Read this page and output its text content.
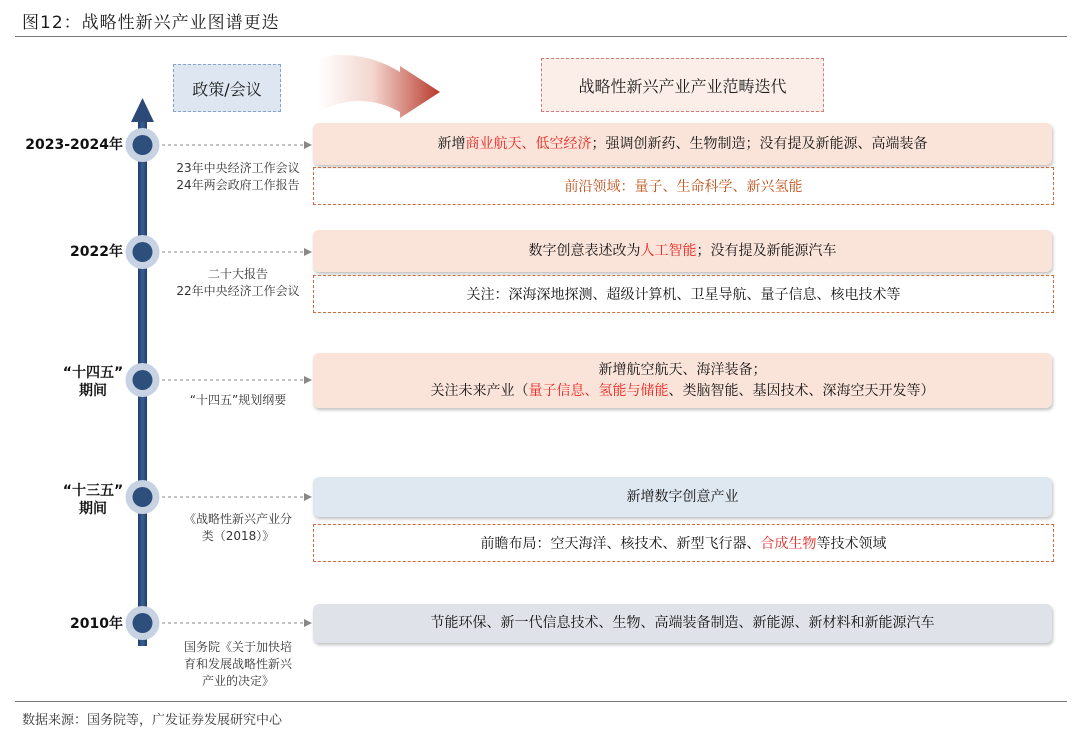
图12：战略性新兴产业图谱更迭
政策/会议	战略性新兴产业产业范畴迭代
2023-2024年
23年中央经济工作会议
24年两会政府工作报告
新增商业航天、低空经济；强调创新药、生物制造；没有提及新能源、高端装备
前沿领域：量子、生命科学、新兴氢能
2022年
二十大报告
22年中央经济工作会议
数字创意表述改为人工智能；没有提及新能源汽车
关注：深海深地探测、超级计算机、卫星导航、量子信息、核电技术等
“十四五”
期间
“十四五”规划纲要
新增航空航天、海洋装备；
关注未来产业（量子信息、氢能与储能、类脑智能、基因技术、深海空天开发等）
“十三五”
期间
《战略性新兴产业分
类（2018）》
新增数字创意产业
前瞻布局：空天海洋、核技术、新型飞行器、合成生物等技术领域
2010年
国务院《关于加快培
育和发展战略性新兴
产业的决定》
节能环保、新一代信息技术、生物、高端装备制造、新能源、新材料和新能源汽车
数据来源：国务院等，广发证券发展研究中心
